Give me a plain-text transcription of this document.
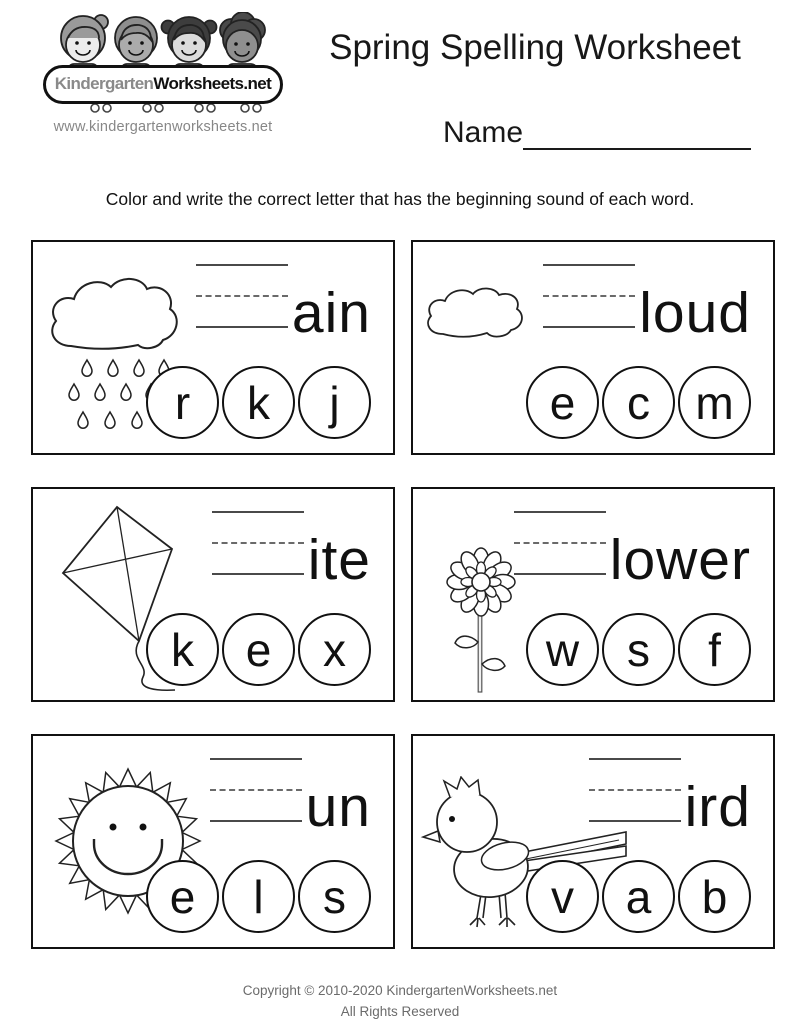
KindergartenWorksheets.net
www.kindergartenworksheets.net
Spring Spelling Worksheet
Name

Color and write the correct letter that has the beginning sound of each word.

ain
r k j
loud
e c m
ite
k e x
lower
w s f
un
e l s
ird
v a b
Copyright © 2010-2020 KindergartenWorksheets.net
All Rights Reserved
